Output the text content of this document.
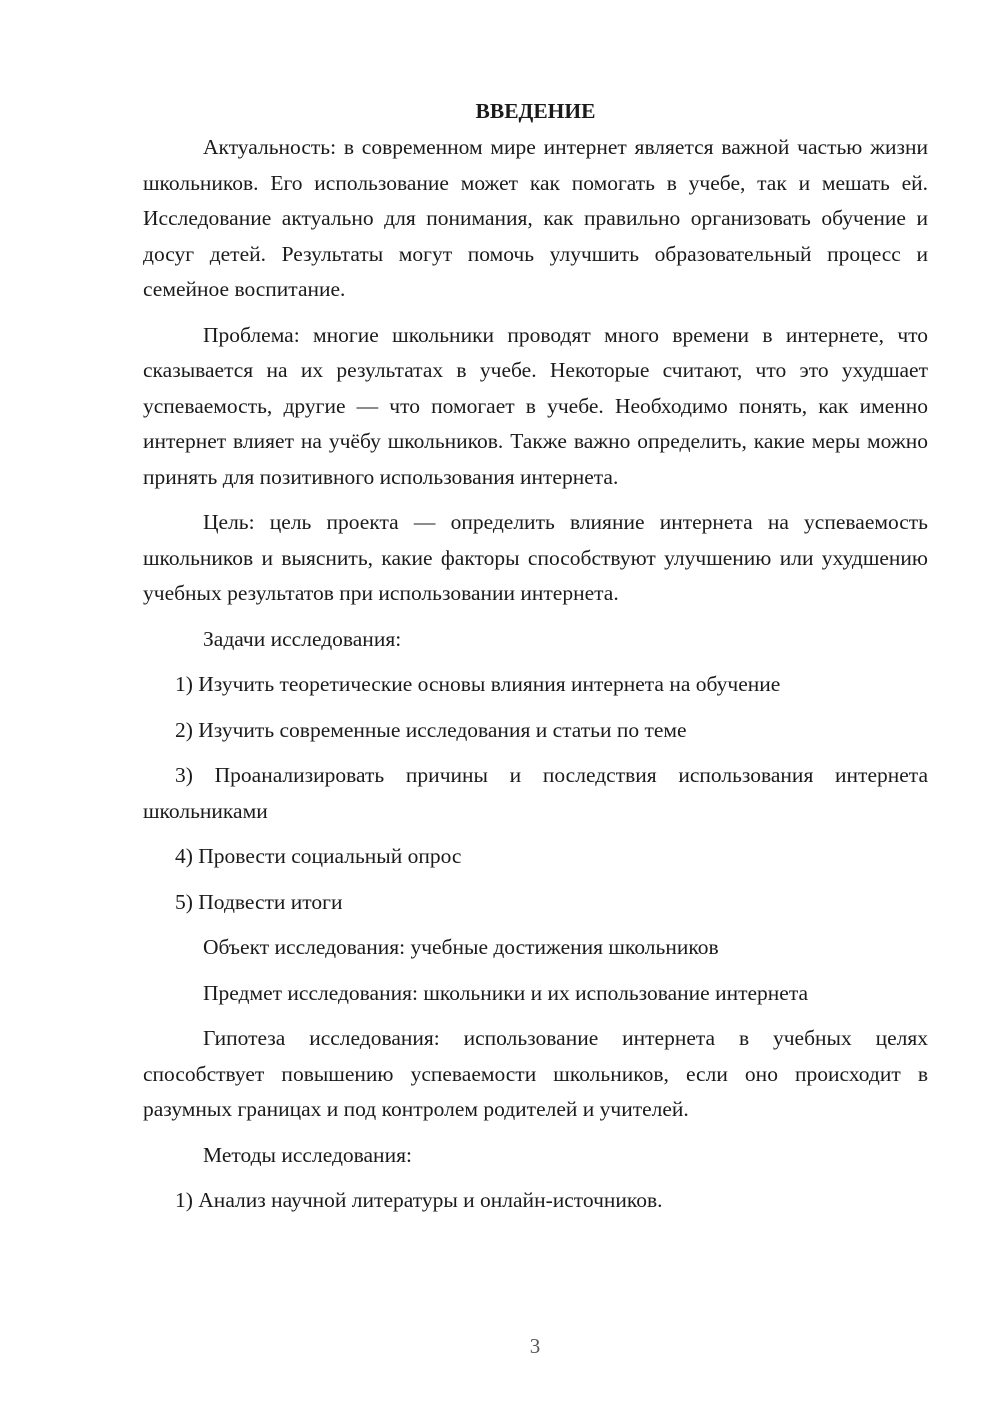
ВВЕДЕНИЕ

Актуальность: в современном мире интернет является важной частью жизни школьников. Его использование может как помогать в учебе, так и мешать ей. Исследование актуально для понимания, как правильно организовать обучение и досуг детей. Результаты могут помочь улучшить образовательный процесс и семейное воспитание.

Проблема: многие школьники проводят много времени в интернете, что сказывается на их результатах в учебе. Некоторые считают, что это ухудшает успеваемость, другие — что помогает в учебе. Необходимо понять, как именно интернет влияет на учёбу школьников. Также важно определить, какие меры можно принять для позитивного использования интернета.

Цель: цель проекта — определить влияние интернета на успеваемость школьников и выяснить, какие факторы способствуют улучшению или ухудшению учебных результатов при использовании интернета.

Задачи исследования:

1) Изучить теоретические основы влияния интернета на обучение

2) Изучить современные исследования и статьи по теме

3) Проанализировать причины и последствия использования интернета школьниками

4) Провести социальный опрос

5) Подвести итоги

Объект исследования: учебные достижения школьников

Предмет исследования: школьники и их использование интернета

Гипотеза исследования: использование интернета в учебных целях способствует повышению успеваемости школьников, если оно происходит в разумных границах и под контролем родителей и учителей.

Методы исследования:

1) Анализ научной литературы и онлайн-источников.

3
